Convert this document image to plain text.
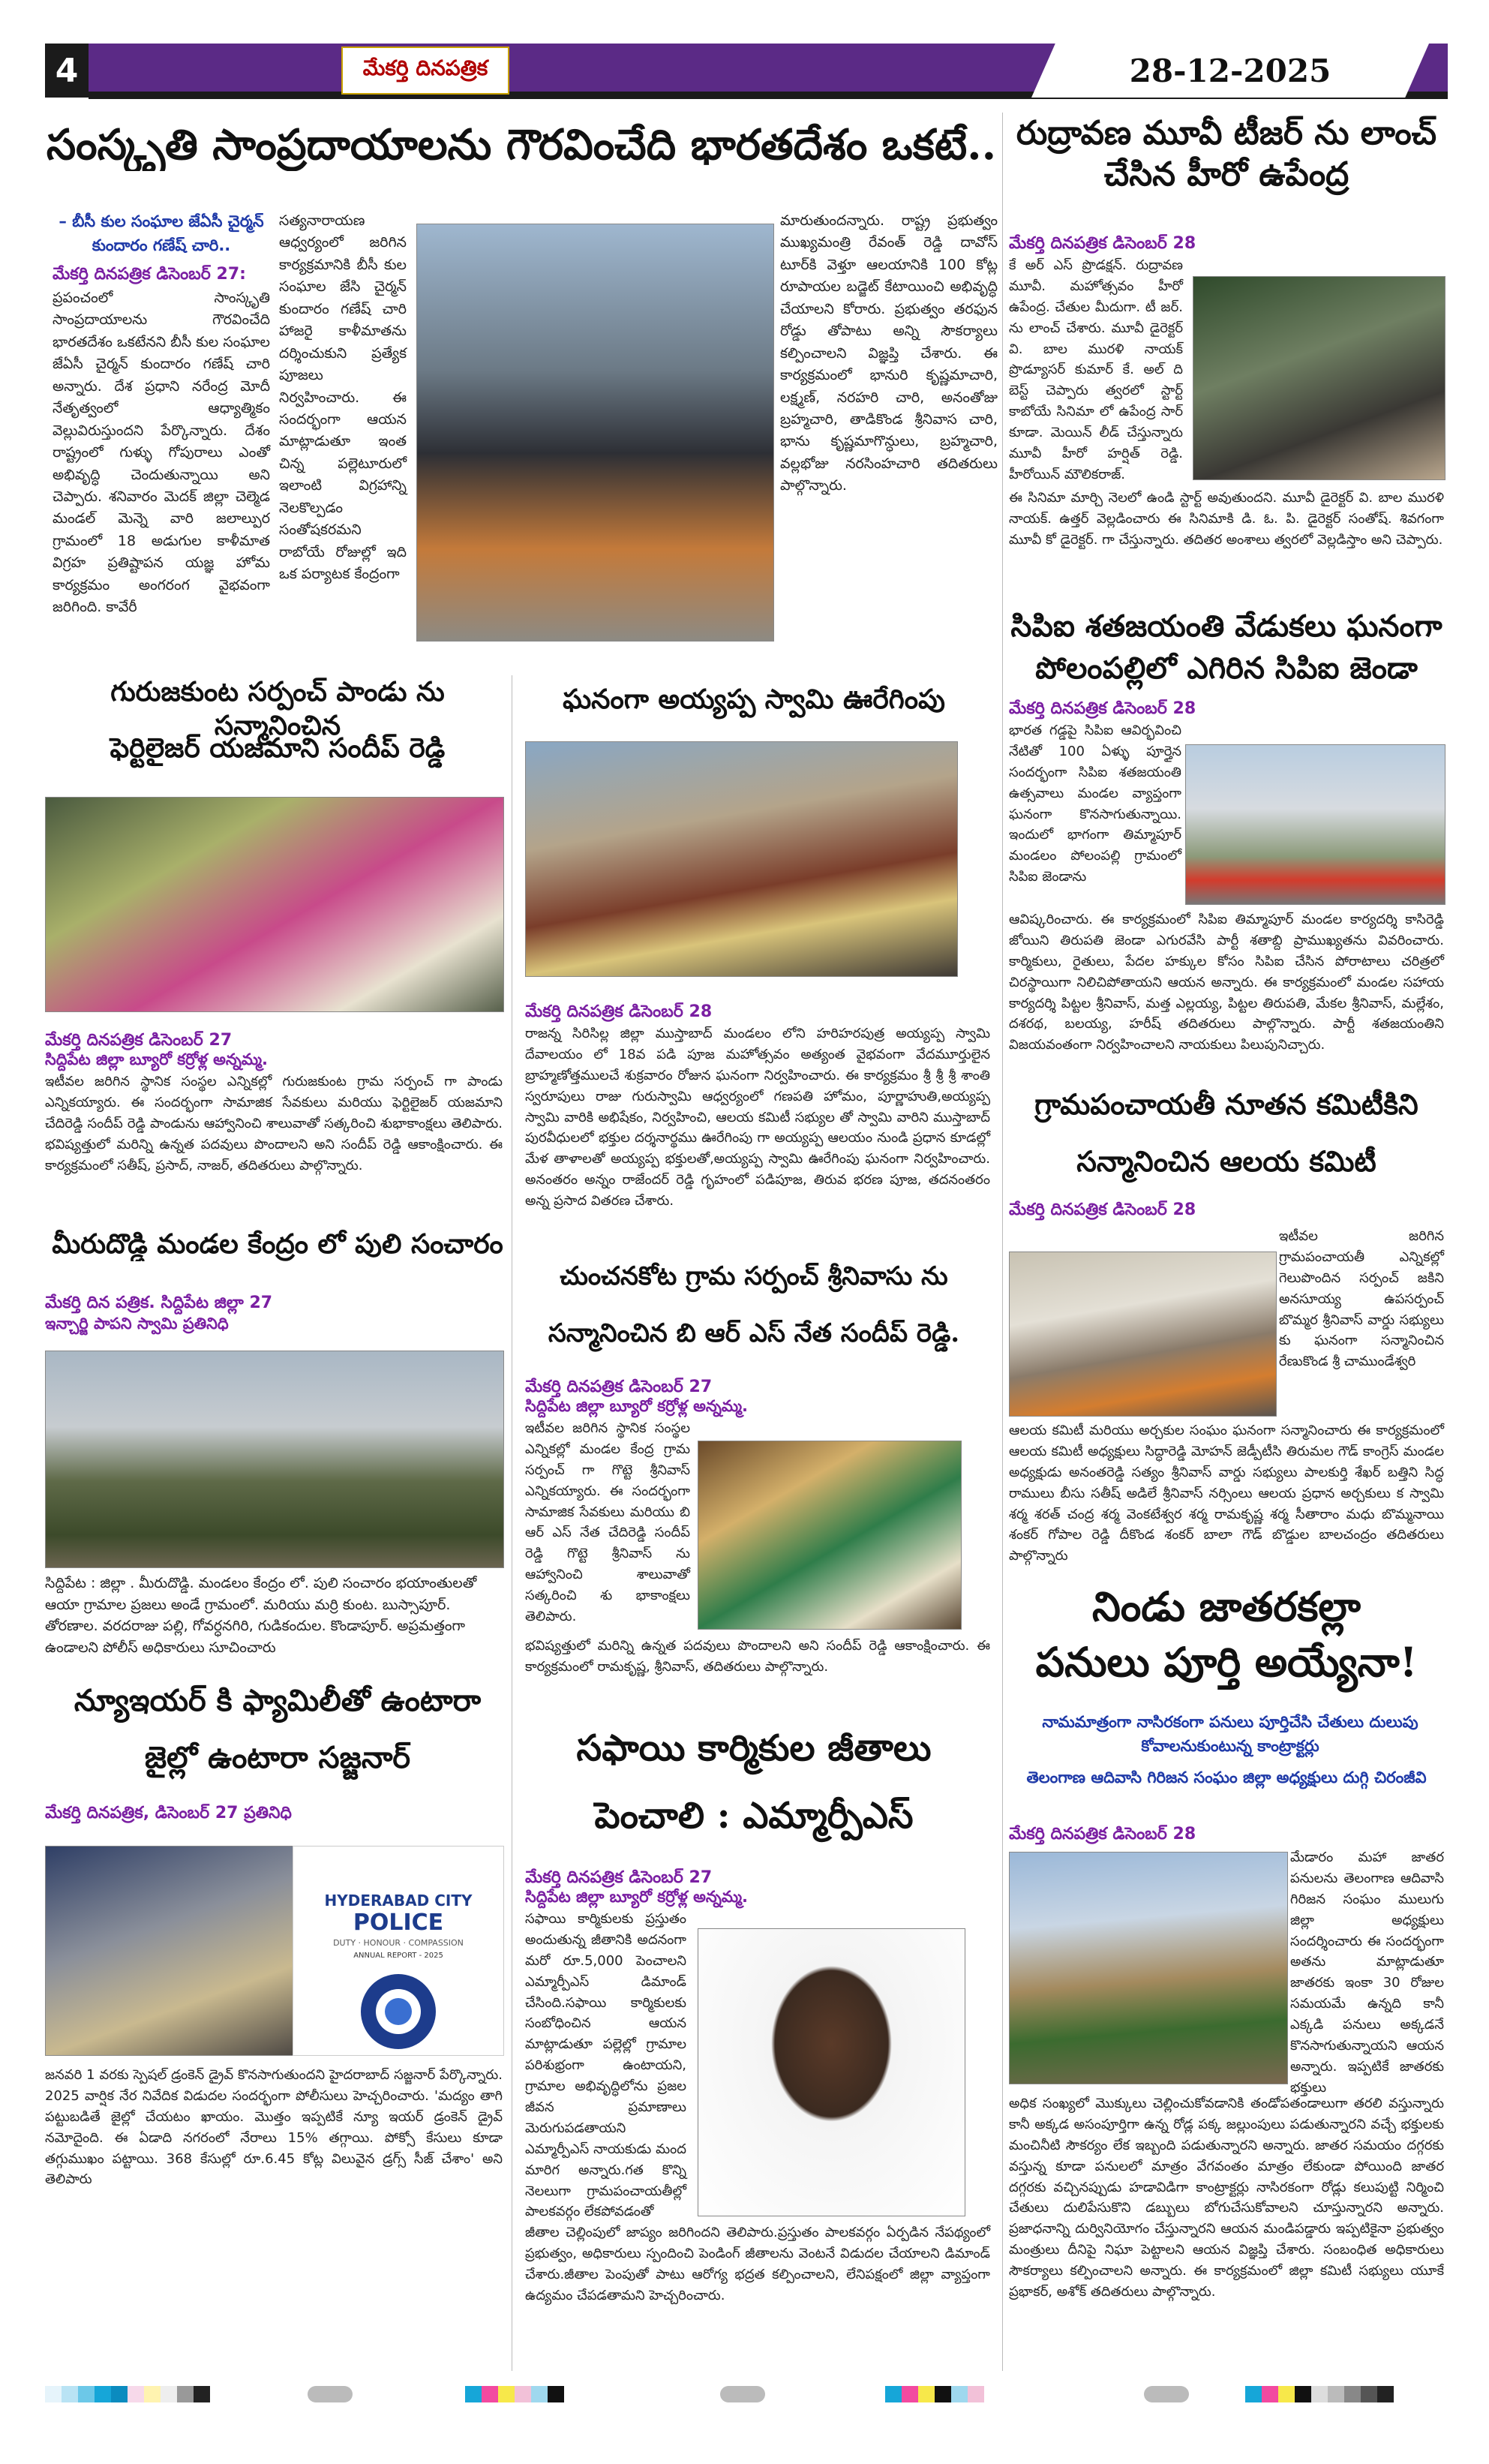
4	మేకర్తి దినపత్రిక	28-12-2025
సంస్కృతి సాంప్రదాయాలను గౌరవించేది భారతదేశం ఒకటే..
– బీసీ కుల సంఘాల జేఏసీ చైర్మన్ కుందారం గణేష్ చారి..
మేకర్తి దినపత్రిక డిసెంబర్ 27:
ప్రపంచంలో సాంస్కృతి సాంప్రదాయాలను గౌరవించేది భారతదేశం ఒకటేనని బీసీ కుల సంఘాల జేఏసీ చైర్మన్ కుందారం గణేష్ చారి అన్నారు. దేశ ప్రధాని నరేంద్ర మోదీ నేతృత్వంలో ఆధ్యాత్మికం వెల్లువిరుస్తుందని పేర్కొన్నారు. దేశం రాష్ట్రంలో గుళ్ళు గోపురాలు ఎంతో అభివృద్ధి చెందుతున్నాయి అని చెప్పారు. శనివారం మెదక్ జిల్లా చెల్మెడ మండల్ మెన్నె వారి జలాల్పుర గ్రామంలో 18 అడుగుల కాళీమాత విగ్రహ ప్రతిష్టాపన యజ్ఞ హోమ కార్యక్రమం అంగరంగ వైభవంగా జరిగింది. కావేరీ
సత్యనారాయణ ఆధ్వర్యంలో జరిగిన కార్యక్రమానికి బీసీ కుల సంఘాల జేసి చైర్మన్ కుందారం గణేష్ చారి హాజరై కాళీమాతను దర్శించుకుని ప్రత్యేక పూజలు నిర్వహించారు. ఈ సందర్భంగా ఆయన మాట్లాడుతూ ఇంత చిన్న పల్లెటూరులో ఇలాంటి విగ్రహాన్ని నెలకొల్పడం సంతోషకరమని రాబోయే రోజుల్లో ఇది ఒక పర్యాటక కేంద్రంగా
మారుతుందన్నారు. రాష్ట్ర ప్రభుత్వం ముఖ్యమంత్రి రేవంత్ రెడ్డి దావోస్ టూర్‌కి వెళ్తూ ఆలయానికి 100 కోట్ల రూపాయల బడ్జెట్ కేటాయించి అభివృద్ధి చేయాలని కోరారు. ప్రభుత్వం తరఫున రోడ్డు తోపాటు అన్ని సౌకర్యాలు కల్పించాలని విజ్ఞప్తి చేశారు. ఈ కార్యక్రమంలో భానురి కృష్ణమాచారి, లక్ష్మణ్, నరహరి చారి, అనంతోజు బ్రహ్మచారి, తాడికొండ శ్రీనివాస చారి, భాను కృష్ణమాగొన్ధులు, బ్రహ్మచారి, వల్లభోజు నరసింహచారి తదితరులు పాల్గొన్నారు.
రుద్రావణ మూవీ టీజర్ ను లాంచ్ చేసిన హీరో ఉపేంద్ర
మేకర్తి దినపత్రిక డిసెంబర్ 28
కే అర్ ఎస్ ప్రొడక్షన్. రుద్రావణ మూవీ. మహోత్సవం హీరో ఉపేంద్ర. చేతుల మీదుగా. టీ జర్. ను లాంచ్ చేశారు. మూవీ డైరెక్టర్ వి. బాల మురళి నాయక్ ప్రొడ్యూసర్ కుమార్ కే. అల్ ది బెస్ట్ చెప్పారు త్వరలో స్టార్ట్ కాబోయే సినిమా లో ఉపేంద్ర సార్ కూడా. మెయిన్ లీడ్ చేస్తున్నారు మూవీ హీరో హర్షిత్ రెడ్డి. హీరోయిన్ మౌలికరాజ్.
ఈ సినిమా మార్చి నెలలో ఉండి స్టార్ట్ అవుతుందని. మూవీ డైరెక్టర్ వి. బాల మురళి నాయక్. ఉత్తర్ వెల్లడించారు ఈ సినిమాకి డి. ఓ. పి. డైరెక్టర్ సంతోష్. శివగంగా మూవీ కో డైరెక్టర్. గా చేస్తున్నారు. తదితర అంశాలు త్వరలో వెల్లడిస్తాం అని చెప్పారు.
సిపిఐ శతజయంతి వేడుకలు ఘనంగా
పోలంపల్లిలో ఎగిరిన సిపిఐ జెండా
మేకర్తి దినపత్రిక డిసెంబర్ 28
భారత గడ్డపై సిపిఐ ఆవిర్భవించి నేటితో 100 ఏళ్ళు పూర్తైన సందర్భంగా సిపిఐ శతజయంతి ఉత్సవాలు మండల వ్యాప్తంగా ఘనంగా కొనసాగుతున్నాయి. ఇందులో భాగంగా తిమ్మాపూర్ మండలం పోలంపల్లి గ్రామంలో సిపిఐ జెండాను
ఆవిష్కరించారు. ఈ కార్యక్రమంలో సిపిఐ తిమ్మాపూర్ మండల కార్యదర్శి కాసిరెడ్డి జోయిని తిరుపతి జెండా ఎగురవేసి పార్టీ శతాబ్ది ప్రాముఖ్యతను వివరించారు. కార్మికులు, రైతులు, పేదల హక్కుల కోసం సిపిఐ చేసిన పోరాటాలు చరిత్రలో చిరస్థాయిగా నిలిచిపోతాయని ఆయన అన్నారు. ఈ కార్యక్రమంలో మండల సహాయ కార్యదర్శి పిట్టల శ్రీనివాస్, మత్త ఎల్లయ్య, పిట్టల తిరుపతి, మేకల శ్రీనివాస్, మల్లేశం, దశరథ, బలయ్య, హరీష్ తదితరులు పాల్గొన్నారు. పార్టీ శతజయంతిని విజయవంతంగా నిర్వహించాలని నాయకులు పిలుపునిచ్చారు.
గ్రామపంచాయతీ నూతన కమిటీకిని
సన్మానించిన ఆలయ కమిటీ
మేకర్తి దినపత్రిక డిసెంబర్ 28
ఇటీవల జరిగిన గ్రామపంచాయతీ ఎన్నికల్లో గెలుపొందిన సర్పంచ్ జకిని అనసూయ్య ఉపసర్పంచ్ బొమ్మర శ్రీనివాస్ వార్డు సభ్యులు కు ఘనంగా సన్మానించిన రేణుకొండ శ్రీ చాముండేశ్వరి
ఆలయ కమిటీ మరియు అర్చకుల సంఘం ఘనంగా సన్మానించారు ఈ కార్యక్రమంలో ఆలయ కమిటీ అధ్యక్షులు సిద్ధారెడ్డి మోహన్ జెడ్పీటీసి తిరుమల గౌడ్ కాంగ్రెస్ మండల అధ్యక్షుడు అనంతరెడ్డి సత్యం శ్రీనివాస్ వార్డు సభ్యులు పాలకుర్తి శేఖర్ బత్తిని సిద్ధ రాములు బీసు సతీష్ అడిలే శ్రీనివాస్ నర్సింలు ఆలయ ప్రధాన అర్చకులు క స్వామి శర్మ శరత్ చంద్ర శర్మ వెంకటేశ్వర శర్మ రామకృష్ణ శర్మ సీతారాం మధు బొమ్మనాయి శంకర్ గోపాల రెడ్డి దీకొండ శంకర్ బాలా గౌడ్ బొడ్డుల బాలచంద్రం తదితరులు పాల్గొన్నారు
నిండు జాతరకల్లా
పనులు పూర్తి అయ్యేనా!
నామమాత్రంగా నాసిరకంగా పనులు పూర్తిచేసి చేతులు దులుపు కోవాలనుకుంటున్న కాంట్రాక్టర్లు
తెలంగాణ ఆదివాసి గిరిజన సంఘం జిల్లా అధ్యక్షులు దుగ్గి చిరంజీవి
మేకర్తి దినపత్రిక డిసెంబర్ 28
మేడారం మహా జాతర పనులను తెలంగాణ ఆదివాసి గిరిజన సంఘం ములుగు జిల్లా అధ్యక్షులు సందర్శించారు ఈ సందర్భంగా అతను మాట్లాడుతూ జాతరకు ఇంకా 30 రోజుల సమయమే ఉన్నది కానీ ఎక్కడి పనులు అక్కడనే కొనసాగుతున్నాయని ఆయన అన్నారు. ఇప్పటికే జాతరకు భక్తులు
అధిక సంఖ్యలో మొక్కులు చెల్లించుకోవడానికి తండోపతండాలుగా తరలి వస్తున్నారు కానీ అక్కడ అసంపూర్తిగా ఉన్న రోడ్ల పక్క జల్లుంపులు పడుతున్నారని వచ్చే భక్తులకు మంచినీటి సౌకర్యం లేక ఇబ్బంది పడుతున్నారని అన్నారు. జాతర సమయం దగ్గరకు వస్తున్న కూడా పనులలో మాత్రం వేగవంతం మాత్రం లేకుండా పోయింది జాతర దగ్గరకు వచ్చినప్పుడు హడావిడిగా కాంట్రాక్టర్లు నాసిరకంగా రోడ్లు కలుపుట్టి నిర్మించి చేతులు దులిపేసుకొని డబ్బులు బోగుచేసుకోవాలని చూస్తున్నారని అన్నారు. ప్రజాధనాన్ని దుర్వినియోగం చేస్తున్నారని ఆయన మండిపడ్డారు ఇప్పటికైనా ప్రభుత్వం మంత్రులు దీనిపై నిఘా పెట్టాలని ఆయన విజ్ఞప్తి చేశారు. సంబంధిత అధికారులు సౌకర్యాలు కల్పించాలని అన్నారు. ఈ కార్యక్రమంలో జిల్లా కమిటీ సభ్యులు యూకే ప్రభాకర్, అశోక్ తదితరులు పాల్గొన్నారు.
గురుజకుంట సర్పంచ్ పాండు ను సన్మానించిన
ఫెర్టిలైజర్ యజమాని సందీప్ రెడ్డి
మేకర్తి దినపత్రిక డిసెంబర్ 27
సిద్దిపేట జిల్లా బ్యూరో కర్రోళ్ల అన్నమ్మ.
ఇటీవల జరిగిన స్థానిక సంస్థల ఎన్నికల్లో గురుజకుంట గ్రామ సర్పంచ్ గా పాండు ఎన్నికయ్యారు. ఈ సందర్భంగా సామాజిక సేవకులు మరియు ఫెర్టిలైజర్ యజమాని చేదిరెడ్డి సందీప్ రెడ్డి పాండును ఆహ్వానించి శాలువాతో సత్కరించి శుభాకాంక్షలు తెలిపారు. భవిష్యత్తులో మరిన్ని ఉన్నత పదవులు పొందాలని అని సందీప్ రెడ్డి ఆకాంక్షించారు. ఈ కార్యక్రమంలో సతీష్, ప్రసాద్, నాజర్, తదితరులు పాల్గొన్నారు.
మీరుదొడ్డి మండల కేంద్రం లో పులి సంచారం
మేకర్తి దిన పత్రిక. సిద్దిపేట జిల్లా 27
ఇన్చార్జి పాపని స్వామి ప్రతినిధి
సిద్దిపేట : జిల్లా . మీరుదొడ్డి. మండలం కేంద్రం లో. పులి సంచారం భయాంతులతో ఆయా గ్రామాల ప్రజలు అండే గ్రామంలో. మరియు మర్రి కుంట. బుస్సాపూర్. తోరణాల. వరదరాజు పల్లి, గోవర్ధనగిరి, గుడికందుల. కొండాపూర్. అప్రమత్తంగా ఉండాలని పోలీస్ అధికారులు సూచించారు
న్యూఇయర్ కి ఫ్యామిలీతో ఉంటారా
జైల్లో ఉంటారా సజ్జనార్
మేకర్తి దినపత్రిక, డిసెంబర్ 27 ప్రతినిధి
HYDERABAD CITY
POLICE
DUTY · HONOUR · COMPASSION
ANNUAL REPORT - 2025
జనవరి 1 వరకు స్పెషల్ డ్రంకెన్ డ్రైవ్ కొనసాగుతుందని హైదరాబాద్ సజ్జనార్ పేర్కొన్నారు. 2025 వార్షిక నేర నివేదిక విడుదల సందర్భంగా పోలీసులు హెచ్చరించారు. 'మద్యం తాగి పట్టుబడితే జైల్లో చేయటం ఖాయం. మొత్తం ఇప్పటికే న్యూ ఇయర్ డ్రంకెన్ డ్రైవ్ నమోదైంది. ఈ ఏడాది నగరంలో నేరాలు 15% తగ్గాయి. పోక్సో కేసులు కూడా తగ్గుముఖం పట్టాయి. 368 కేసుల్లో రూ.6.45 కోట్ల విలువైన డ్రగ్స్ సీజ్ చేశాం' అని తెలిపారు
ఘనంగా అయ్యప్ప స్వామి ఊరేగింపు
మేకర్తి దినపత్రిక డిసెంబర్ 28
రాజన్న సిరిసిల్ల జిల్లా ముస్తాబాద్ మండలం లోని హరిహరపుత్ర అయ్యప్ప స్వామి దేవాలయం లో 18వ పడి పూజ మహోత్సవం అత్యంత వైభవంగా వేదమూర్తులైన బ్రాహ్మణోత్తములచే శుక్రవారం రోజున ఘనంగా నిర్వహించారు. ఈ కార్యక్రమం శ్రీ శ్రీ శ్రీ శాంతి స్వరూపులు రాజు గురుస్వామి ఆధ్వర్యంలో గణపతి హోమం, పూర్ణాహుతి,అయ్యప్ప స్వామి వారికి అభిషేకం, నిర్వహించి, ఆలయ కమిటీ సభ్యుల తో స్వామి వారిని ముస్తాబాద్ పురవీధులలో భక్తుల దర్శనార్థము ఊరేగింపు గా అయ్యప్ప ఆలయం నుండి ప్రధాన కూడల్లో మేళ తాళాలతో అయ్యప్ప భక్తులతో,అయ్యప్ప స్వామి ఊరేగింపు ఘనంగా నిర్వహించారు. అనంతరం అన్నం రాజేందర్ రెడ్డి గృహంలో పడిపూజ, తిరువ భరణ పూజ, తదనంతరం అన్న ప్రసాద వితరణ చేశారు.
చుంచనకోట గ్రామ సర్పంచ్ శ్రీనివాసు ను
సన్మానించిన బి ఆర్ ఎస్ నేత సందీప్ రెడ్డి.
మేకర్తి దినపత్రిక డిసెంబర్ 27
సిద్దిపేట జిల్లా బ్యూరో కర్రోళ్ల అన్నమ్మ.
ఇటీవల జరిగిన స్థానిక సంస్థల ఎన్నికల్లో మండల కేంద్ర గ్రామ సర్పంచ్ గా గొట్టె శ్రీనివాస్ ఎన్నికయ్యారు. ఈ సందర్భంగా సామాజిక సేవకులు మరియు బి ఆర్ ఎస్ నేత చేదిరెడ్డి సందీప్ రెడ్డి గొట్టె శ్రీనివాస్ ను ఆహ్వానించి శాలువాతో సత్కరించి శు భాకాంక్షలు తెలిపారు.
భవిష్యత్తులో మరిన్ని ఉన్నత పదవులు పొందాలని అని సందీప్ రెడ్డి ఆకాంక్షించారు. ఈ కార్యక్రమంలో రామకృష్ణ, శ్రీనివాస్, తదితరులు పాల్గొన్నారు.
సఫాయి కార్మికుల జీతాలు
పెంచాలి : ఎమ్మార్పీఎస్
మేకర్తి దినపత్రిక డిసెంబర్ 27
సిద్దిపేట జిల్లా బ్యూరో కర్రోళ్ల అన్నమ్మ.
సఫాయి కార్మికులకు ప్రస్తుతం అందుతున్న జీతానికి అదనంగా మరో రూ.5,000 పెంచాలని ఎమ్మార్పీఎస్ డిమాండ్ చేసింది.సఫాయి కార్మికులకు సంబోధించిన ఆయన మాట్లాడుతూ పల్లెల్లో గ్రామాల పరిశుభ్రంగా ఉంటాయని, గ్రామాల అభివృద్ధిలోను ప్రజల జీవన ప్రమాణాలు మెరుగుపడతాయని ఎమ్మార్పీఎస్ నాయకుడు మంద మారిగ అన్నారు.గత కొన్ని నెలలుగా గ్రామపంచాయతీల్లో పాలకవర్గం లేకపోవడంతో
జీతాల చెల్లింపులో జాప్యం జరిగిందని తెలిపారు.ప్రస్తుతం పాలకవర్గం ఏర్పడిన నేపథ్యంలో ప్రభుత్వం, అధికారులు స్పందించి పెండింగ్ జీతాలను వెంటనే విడుదల చేయాలని డిమాండ్ చేశారు.జీతాల పెంపుతో పాటు ఆరోగ్య భద్రత కల్పించాలని, లేనిపక్షంలో జిల్లా వ్యాప్తంగా ఉద్యమం చేపడతామని హెచ్చరించారు.
